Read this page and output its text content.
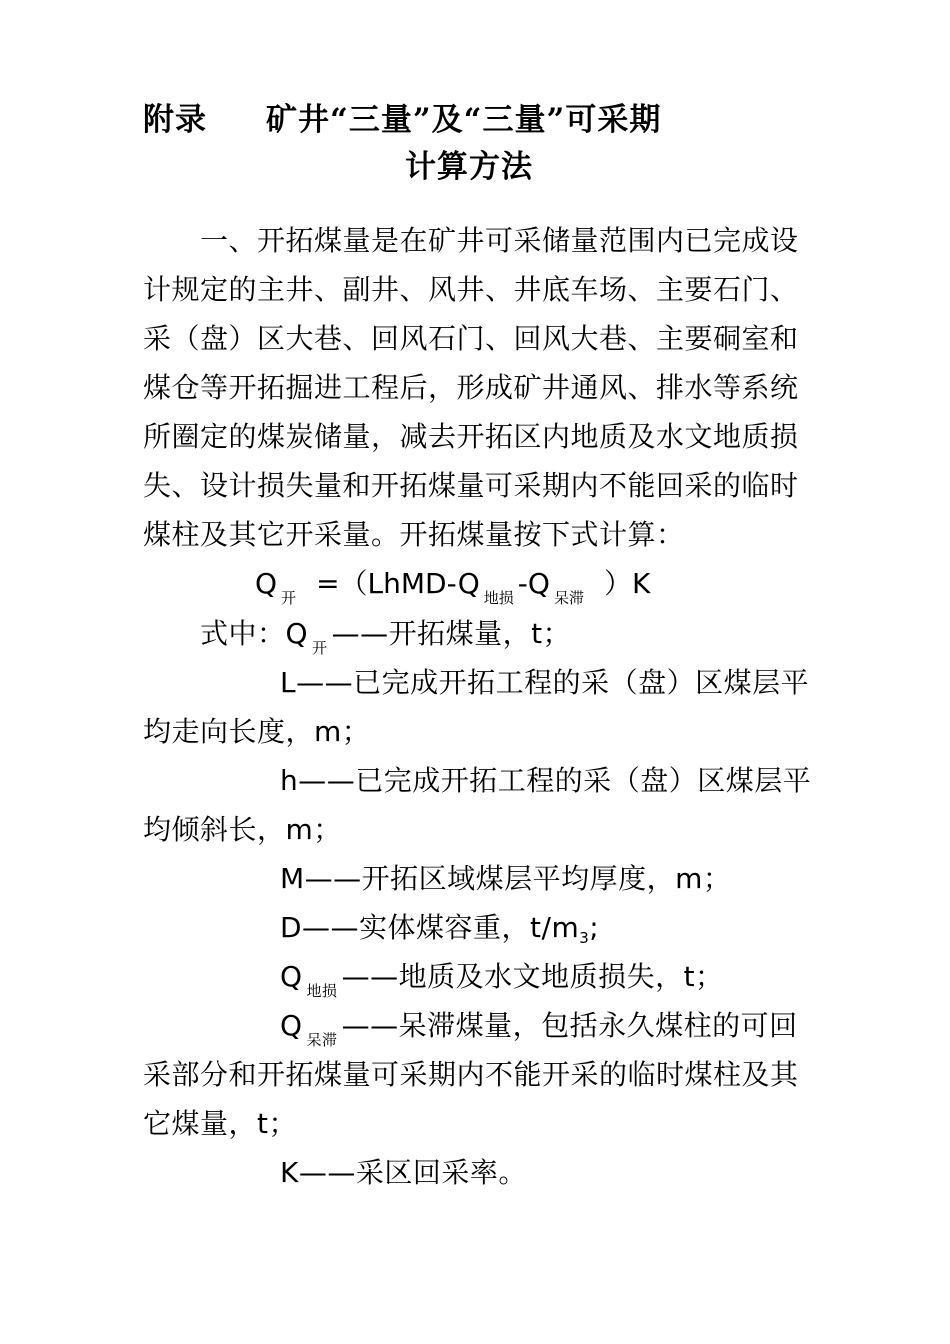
附录 矿井“三量”及“三量”可采期
计算方法
一、开拓煤量是在矿井可采储量范围内已完成设
计规定的主井、副井、风井、井底车场、主要石门、
采（盘）区大巷、回风石门、回风大巷、主要硐室和
煤仓等开拓掘进工程后，形成矿井通风、排水等系统
所圈定的煤炭储量，减去开拓区内地质及水文地质损
失、设计损失量和开拓煤量可采期内不能回采的临时
煤柱及其它开采量。开拓煤量按下式计算：
Q $_开$ =（LhMD-Q $_{地损}$ -Q $_{呆滞}$ ）K
式中：Q $_开$ ——开拓煤量，t；
L——已完成开拓工程的采（盘）区煤层平
均走向长度，m；
h——已完成开拓工程的采（盘）区煤层平
均倾斜长，m；
M——开拓区域煤层平均厚度，m；
D——实体煤容重，$t/m_3$;
Q $_{地损}$ ——地质及水文地质损失，t；
Q $_{呆滞}$ ——呆滞煤量，包括永久煤柱的可回
采部分和开拓煤量可采期内不能开采的临时煤柱及其
它煤量，t；
K——采区回采率。
